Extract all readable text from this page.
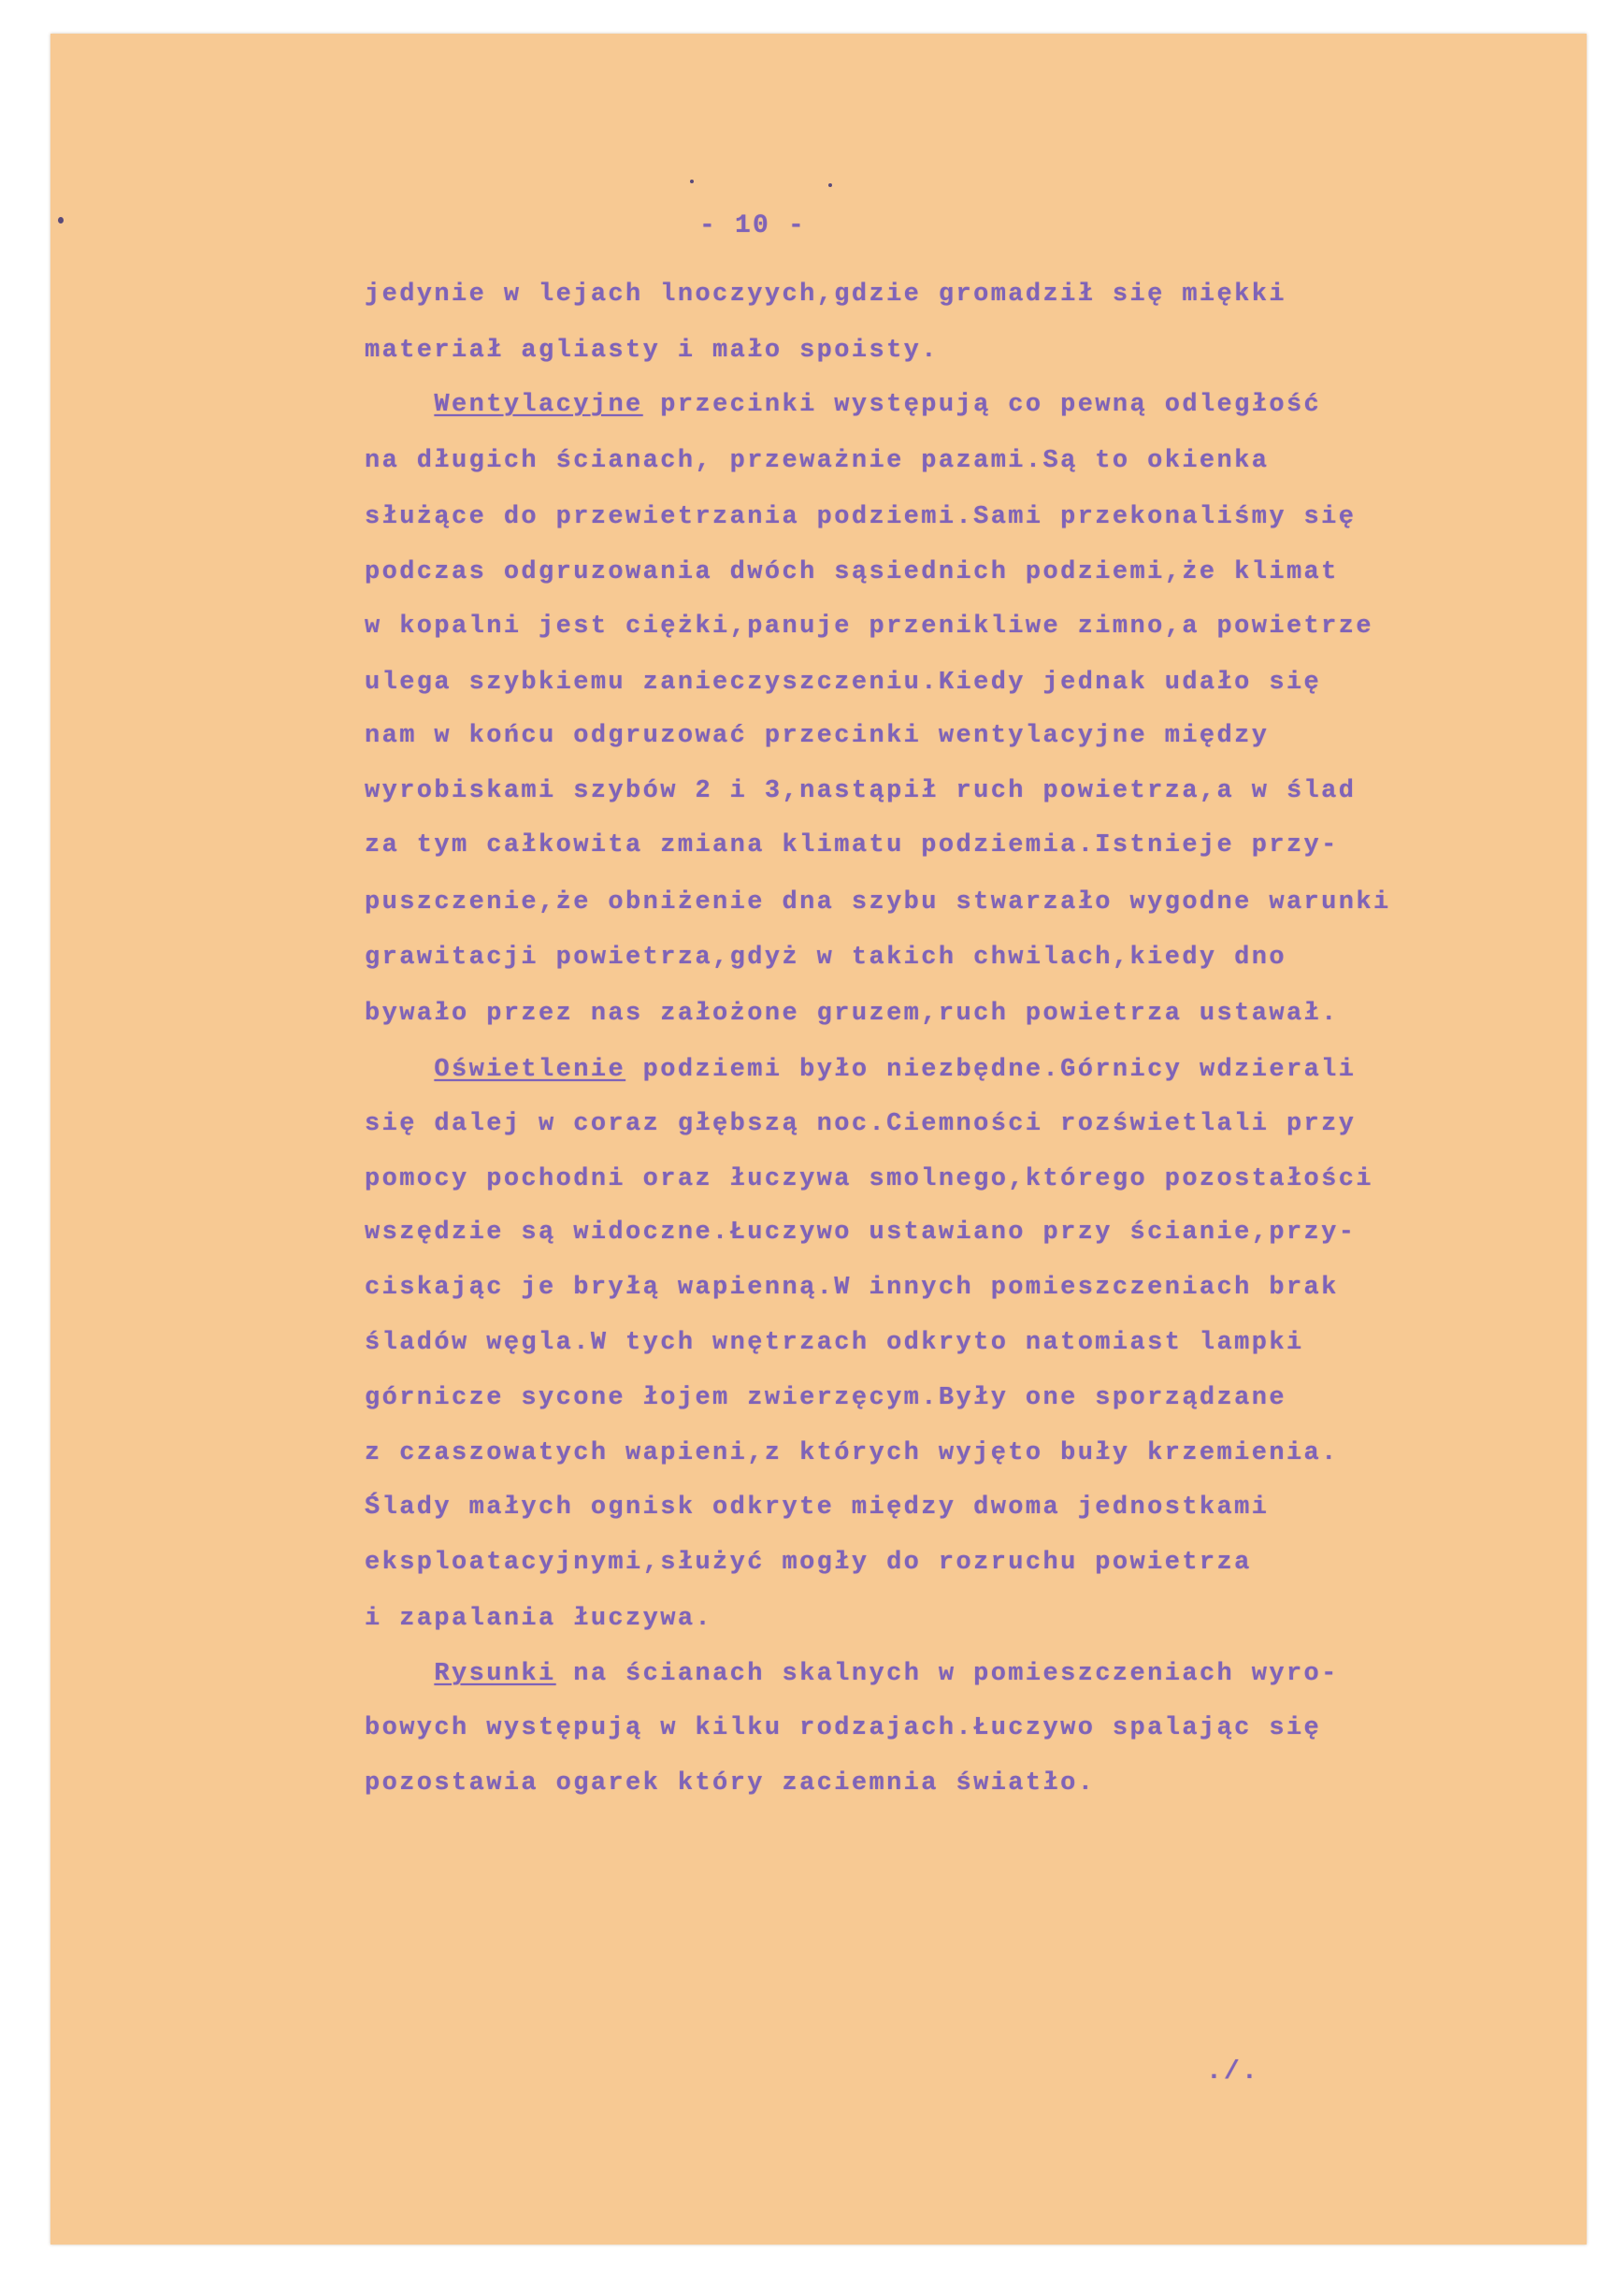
- 10 -
jedynie w lejach lnoczyych,gdzie gromadził się miękki
materiał agliasty i mało spoisty.
Wentylacyjne przecinki występują co pewną odległość
na długich ścianach, przeważnie pazami.Są to okienka
służące do przewietrzania podziemi.Sami przekonaliśmy się
podczas odgruzowania dwóch sąsiednich podziemi,że klimat
w kopalni jest ciężki,panuje przenikliwe zimno,a powietrze
ulega szybkiemu zanieczyszczeniu.Kiedy jednak udało się
nam w końcu odgruzować przecinki wentylacyjne między
wyrobiskami szybów 2 i 3,nastąpił ruch powietrza,a w ślad
za tym całkowita zmiana klimatu podziemia.Istnieje przy-
puszczenie,że obniżenie dna szybu stwarzało wygodne warunki
grawitacji powietrza,gdyż w takich chwilach,kiedy dno
bywało przez nas założone gruzem,ruch powietrza ustawał.
Oświetlenie podziemi było niezbędne.Górnicy wdzierali
się dalej w coraz głębszą noc.Ciemności rozświetlali przy
pomocy pochodni oraz łuczywa smolnego,którego pozostałości
wszędzie są widoczne.Łuczywo ustawiano przy ścianie,przy-
ciskając je bryłą wapienną.W innych pomieszczeniach brak
śladów węgla.W tych wnętrzach odkryto natomiast lampki
górnicze sycone łojem zwierzęcym.Były one sporządzane
z czaszowatych wapieni,z których wyjęto buły krzemienia.
Ślady małych ognisk odkryte między dwoma jednostkami
eksploatacyjnymi,służyć mogły do rozruchu powietrza
i zapalania łuczywa.
Rysunki na ścianach skalnych w pomieszczeniach wyro-
bowych występują w kilku rodzajach.Łuczywo spalając się
pozostawia ogarek który zaciemnia światło.
./.
